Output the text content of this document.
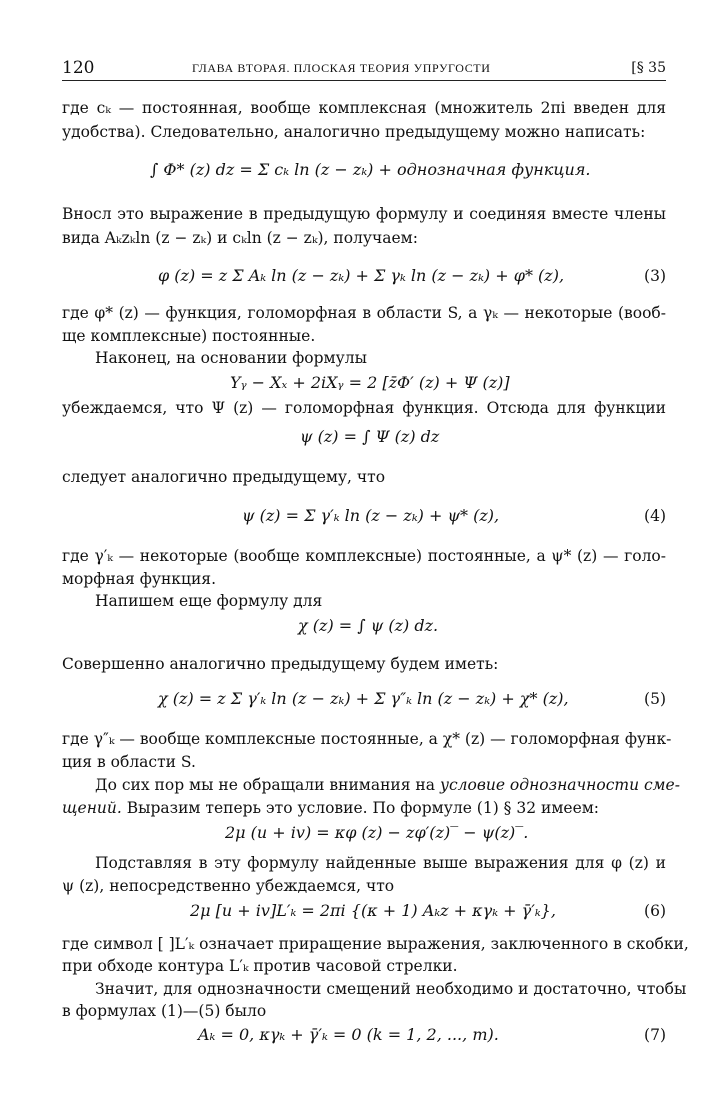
120	ГЛАВА ВТОРАЯ. ПЛОСКАЯ ТЕОРИЯ УПРУГОСТИ	[§ 35
где cₖ — постоянная, вообще комплексная (множитель 2πi введен для
удобства). Следовательно, аналогично предыдущему можно написать:
∫ Φ* (z) dz = Σ cₖ ln (z − zₖ) + однозначная функция.
Вносл это выражение в предыдущую формулу и соединяя вместе члены
вида Aₖzₖln (z − zₖ) и cₖln (z − zₖ), получаем:
φ (z) = z Σ Aₖ ln (z − zₖ) + Σ γₖ ln (z − zₖ) + φ* (z),	(3)
где φ* (z) — функция, голоморфная в области S, а γₖ — некоторые (вооб-
ще комплексные) постоянные.
Наконец, на основании формулы
Yᵧ − Xₓ + 2iXᵧ = 2 [z̄Φ′ (z) + Ψ (z)]
убеждаемся, что Ψ (z) — голоморфная функция. Отсюда для функции
ψ (z) = ∫ Ψ (z) dz
следует аналогично предыдущему, что
ψ (z) = Σ γ′ₖ ln (z − zₖ) + ψ* (z),	(4)
где γ′ₖ — некоторые (вообще комплексные) постоянные, а ψ* (z) — голо-
морфная функция.
Напишем еще формулу для
χ (z) = ∫ ψ (z) dz.
Совершенно аналогично предыдущему будем иметь:
χ (z) = z Σ γ′ₖ ln (z − zₖ) + Σ γ″ₖ ln (z − zₖ) + χ* (z),	(5)
где γ″ₖ — вообще комплексные постоянные, а χ* (z) — голоморфная функ-
ция в области S.
До сих пор мы не обращали внимания на условие однозначности сме-
щений. Выразим теперь это условие. По формуле (1) § 32 имеем:
2μ (u + iv) = κφ (z) − zφ′(z)‾ − ψ(z)‾.
Подставляя в эту формулу найденные выше выражения для φ (z) и
ψ (z), непосредственно убеждаемся, что
2μ [u + iv]L′ₖ = 2πi {(κ + 1) Aₖz + κγₖ + γ̄′ₖ},	(6)
где символ [ ]L′ₖ означает приращение выражения, заключенного в скобки,
при обходе контура L′ₖ против часовой стрелки.
Значит, для однозначности смещений необходимо и достаточно, чтобы
в формулах (1)—(5) было
Aₖ = 0, κγₖ + γ̄′ₖ = 0 (k = 1, 2, ..., m).	(7)
